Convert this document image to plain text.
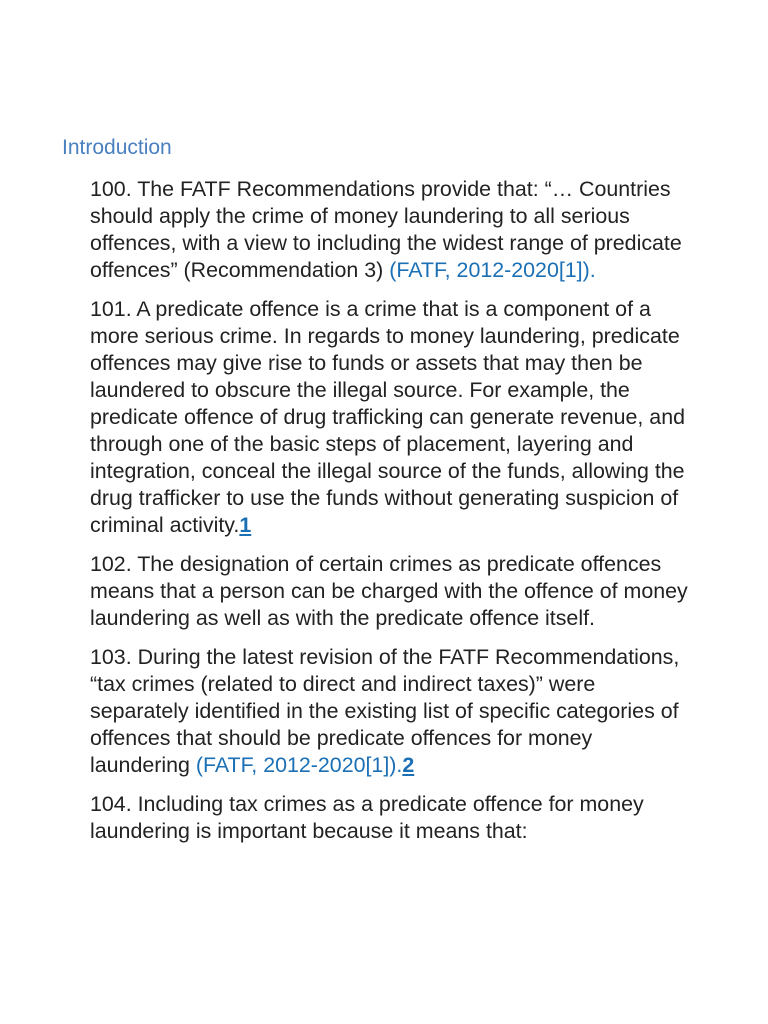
Introduction

100. The FATF Recommendations provide that: “… Countries should apply the crime of money laundering to all serious offences, with a view to including the widest range of predicate offences” (Recommendation 3) (FATF, 2012-2020[1]).

101. A predicate offence is a crime that is a component of a more serious crime. In regards to money laundering, predicate offences may give rise to funds or assets that may then be laundered to obscure the illegal source. For example, the predicate offence of drug trafficking can generate revenue, and through one of the basic steps of placement, layering and integration, conceal the illegal source of the funds, allowing the drug trafficker to use the funds without generating suspicion of criminal activity.1

102. The designation of certain crimes as predicate offences means that a person can be charged with the offence of money laundering as well as with the predicate offence itself.

103. During the latest revision of the FATF Recommendations, “tax crimes (related to direct and indirect taxes)” were separately identified in the existing list of specific categories of offences that should be predicate offences for money laundering (FATF, 2012-2020[1]).2

104. Including tax crimes as a predicate offence for money laundering is important because it means that:
